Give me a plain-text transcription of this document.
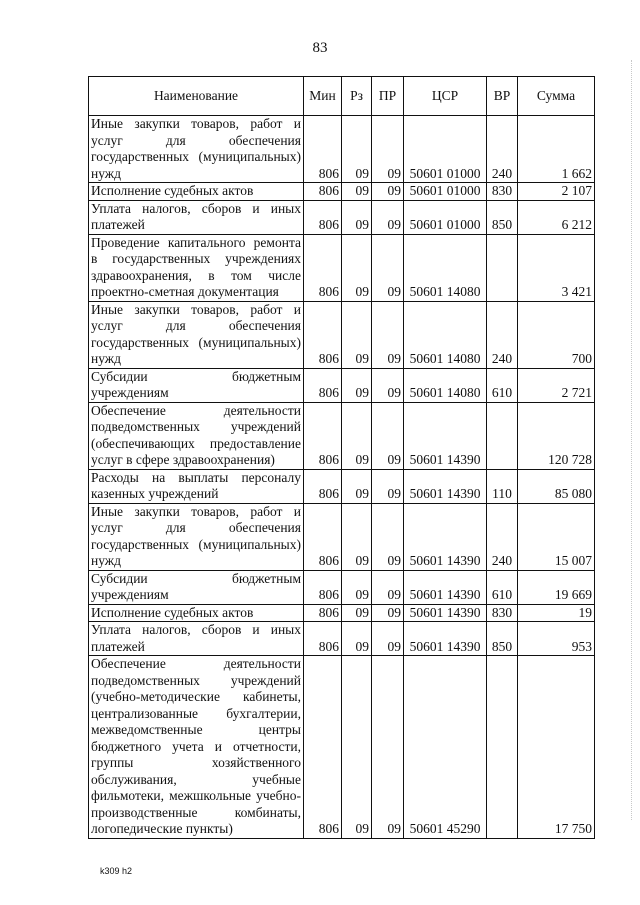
83
Наименование	Мин	Рз	ПР	ЦСР	ВР	Сумма
Иные закупки товаров, работ и услуг для обеспечения государственных (муниципальных) нужд	806	09	09	50601 01000	240	1 662
Исполнение судебных актов	806	09	09	50601 01000	830	2 107
Уплата налогов, сборов и иных платежей	806	09	09	50601 01000	850	6 212
Проведение капитального ремонта в государственных учреждениях здравоохранения, в том числе проектно-сметная документация	806	09	09	50601 14080		3 421
Иные закупки товаров, работ и услуг для обеспечения государственных (муниципальных) нужд	806	09	09	50601 14080	240	700
Субсидии бюджетным учреждениям	806	09	09	50601 14080	610	2 721
Обеспечение деятельности подведомственных учреждений (обеспечивающих предоставление услуг в сфере здравоохранения)	806	09	09	50601 14390		120 728
Расходы на выплаты персоналу казенных учреждений	806	09	09	50601 14390	110	85 080
Иные закупки товаров, работ и услуг для обеспечения государственных (муниципальных) нужд	806	09	09	50601 14390	240	15 007
Субсидии бюджетным учреждениям	806	09	09	50601 14390	610	19 669
Исполнение судебных актов	806	09	09	50601 14390	830	19
Уплата налогов, сборов и иных платежей	806	09	09	50601 14390	850	953
Обеспечение деятельности подведомственных учреждений (учебно-методические кабинеты, централизованные бухгалтерии, межведомственные центры бюджетного учета и отчетности, группы хозяйственного обслуживания, учебные фильмотеки, межшкольные учебно-производственные комбинаты, логопедические пункты)	806	09	09	50601 45290		17 750
k309 h2
